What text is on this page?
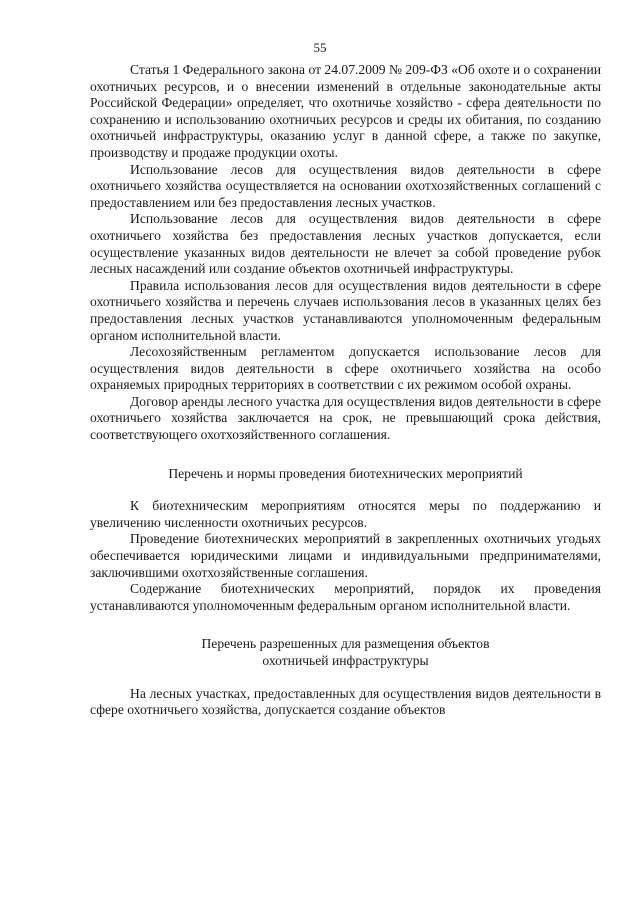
55

Статья 1 Федерального закона от 24.07.2009 № 209-ФЗ «Об охоте и о сохранении охотничьих ресурсов, и о внесении изменений в отдельные законодательные акты Российской Федерации» определяет, что охотничье хозяйство - сфера деятельности по сохранению и использованию охотничьих ресурсов и среды их обитания, по созданию охотничьей инфраструктуры, оказанию услуг в данной сфере, а также по закупке, производству и продаже продукции охоты.

Использование лесов для осуществления видов деятельности в сфере охотничьего хозяйства осуществляется на основании охотхозяйственных соглашений с предоставлением или без предоставления лесных участков.

Использование лесов для осуществления видов деятельности в сфере охотничьего хозяйства без предоставления лесных участков допускается, если осуществление указанных видов деятельности не влечет за собой проведение рубок лесных насаждений или создание объектов охотничьей инфраструктуры.

Правила использования лесов для осуществления видов деятельности в сфере охотничьего хозяйства и перечень случаев использования лесов в указанных целях без предоставления лесных участков устанавливаются уполномоченным федеральным органом исполнительной власти.

Лесохозяйственным регламентом допускается использование лесов для осуществления видов деятельности в сфере охотничьего хозяйства на особо охраняемых природных территориях в соответствии с их режимом особой охраны.

Договор аренды лесного участка для осуществления видов деятельности в сфере охотничьего хозяйства заключается на срок, не превышающий срока действия, соответствующего охотхозяйственного соглашения.

Перечень и нормы проведения биотехнических мероприятий

К биотехническим мероприятиям относятся меры по поддержанию и увеличению численности охотничьих ресурсов.

Проведение биотехнических мероприятий в закрепленных охотничьих угодьях обеспечивается юридическими лицами и индивидуальными предпринимателями, заключившими охотхозяйственные соглашения.

Содержание биотехнических мероприятий, порядок их проведения устанавливаются уполномоченным федеральным органом исполнительной власти.

Перечень разрешенных для размещения объектов
охотничьей инфраструктуры

На лесных участках, предоставленных для осуществления видов деятельности в сфере охотничьего хозяйства, допускается создание объектов
